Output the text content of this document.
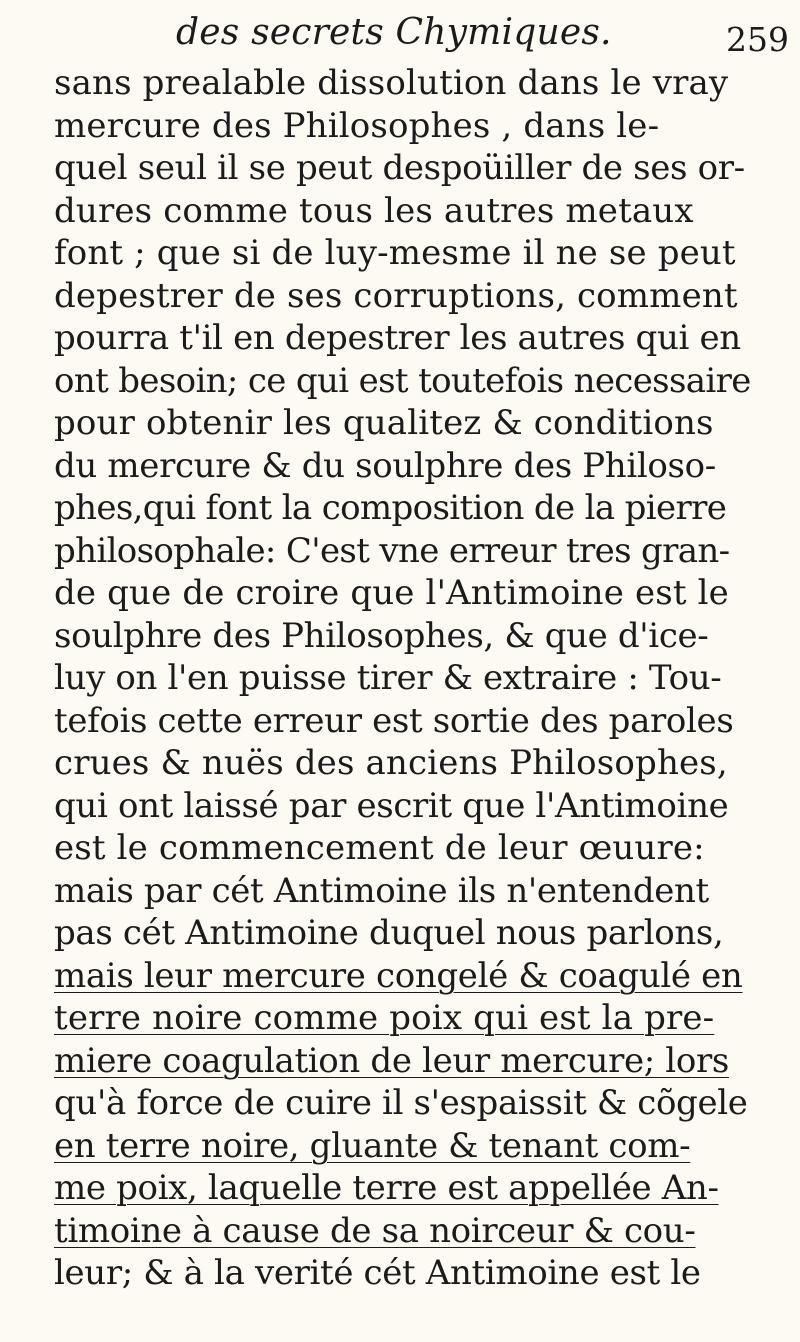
des secrets Chymiques.	259
sans prealable dissolution dans le vray
mercure des Philosophes , dans le-
quel seul il se peut despoüiller de ses or-
dures comme tous les autres metaux
font ; que si de luy-mesme il ne se peut
depestrer de ses corruptions, comment
pourra t'il en depestrer les autres qui en
ont besoin; ce qui est toutefois necessaire
pour obtenir les qualitez & conditions
du mercure & du soulphre des Philoso-
phes,qui font la composition de la pierre
philosophale: C'est vne erreur tres gran-
de que de croire que l'Antimoine est le
soulphre des Philosophes, & que d'ice-
luy on l'en puisse tirer & extraire : Tou-
tefois cette erreur est sortie des paroles
crues & nuës des anciens Philosophes,
qui ont laissé par escrit que l'Antimoine
est le commencement de leur œuure:
mais par cét Antimoine ils n'entendent
pas cét Antimoine duquel nous parlons,
mais leur mercure congelé & coagulé en
terre noire comme poix qui est la pre-
miere coagulation de leur mercure; lors
qu'à force de cuire il s'espaissit & cõgele
en terre noire, gluante & tenant com-
me poix, laquelle terre est appellée An-
timoine à cause de sa noirceur & cou-
leur; & à la verité cét Antimoine est le
